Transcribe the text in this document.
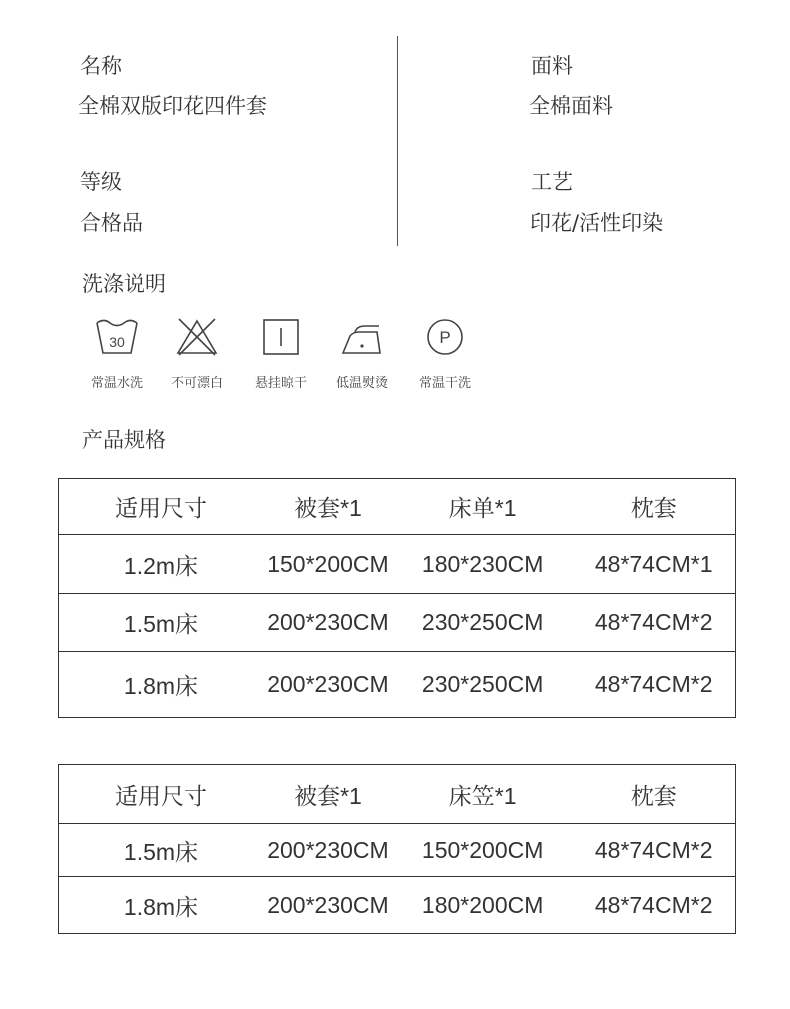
名称
全棉双版印花四件套
等级
合格品
面料
全棉面料
工艺
印花/活性印染
洗涤说明
30
常温水洗	不可漂白	悬挂晾干	低温熨烫
P
常温干洗
产品规格
适用尺寸	被套*1	床单*1	枕套
1.2m床	150*200CM	180*230CM	48*74CM*1
1.5m床	200*230CM	230*250CM	48*74CM*2
1.8m床	200*230CM	230*250CM	48*74CM*2
适用尺寸	被套*1	床笠*1	枕套
1.5m床	200*230CM	150*200CM	48*74CM*2
1.8m床	200*230CM	180*200CM	48*74CM*2
